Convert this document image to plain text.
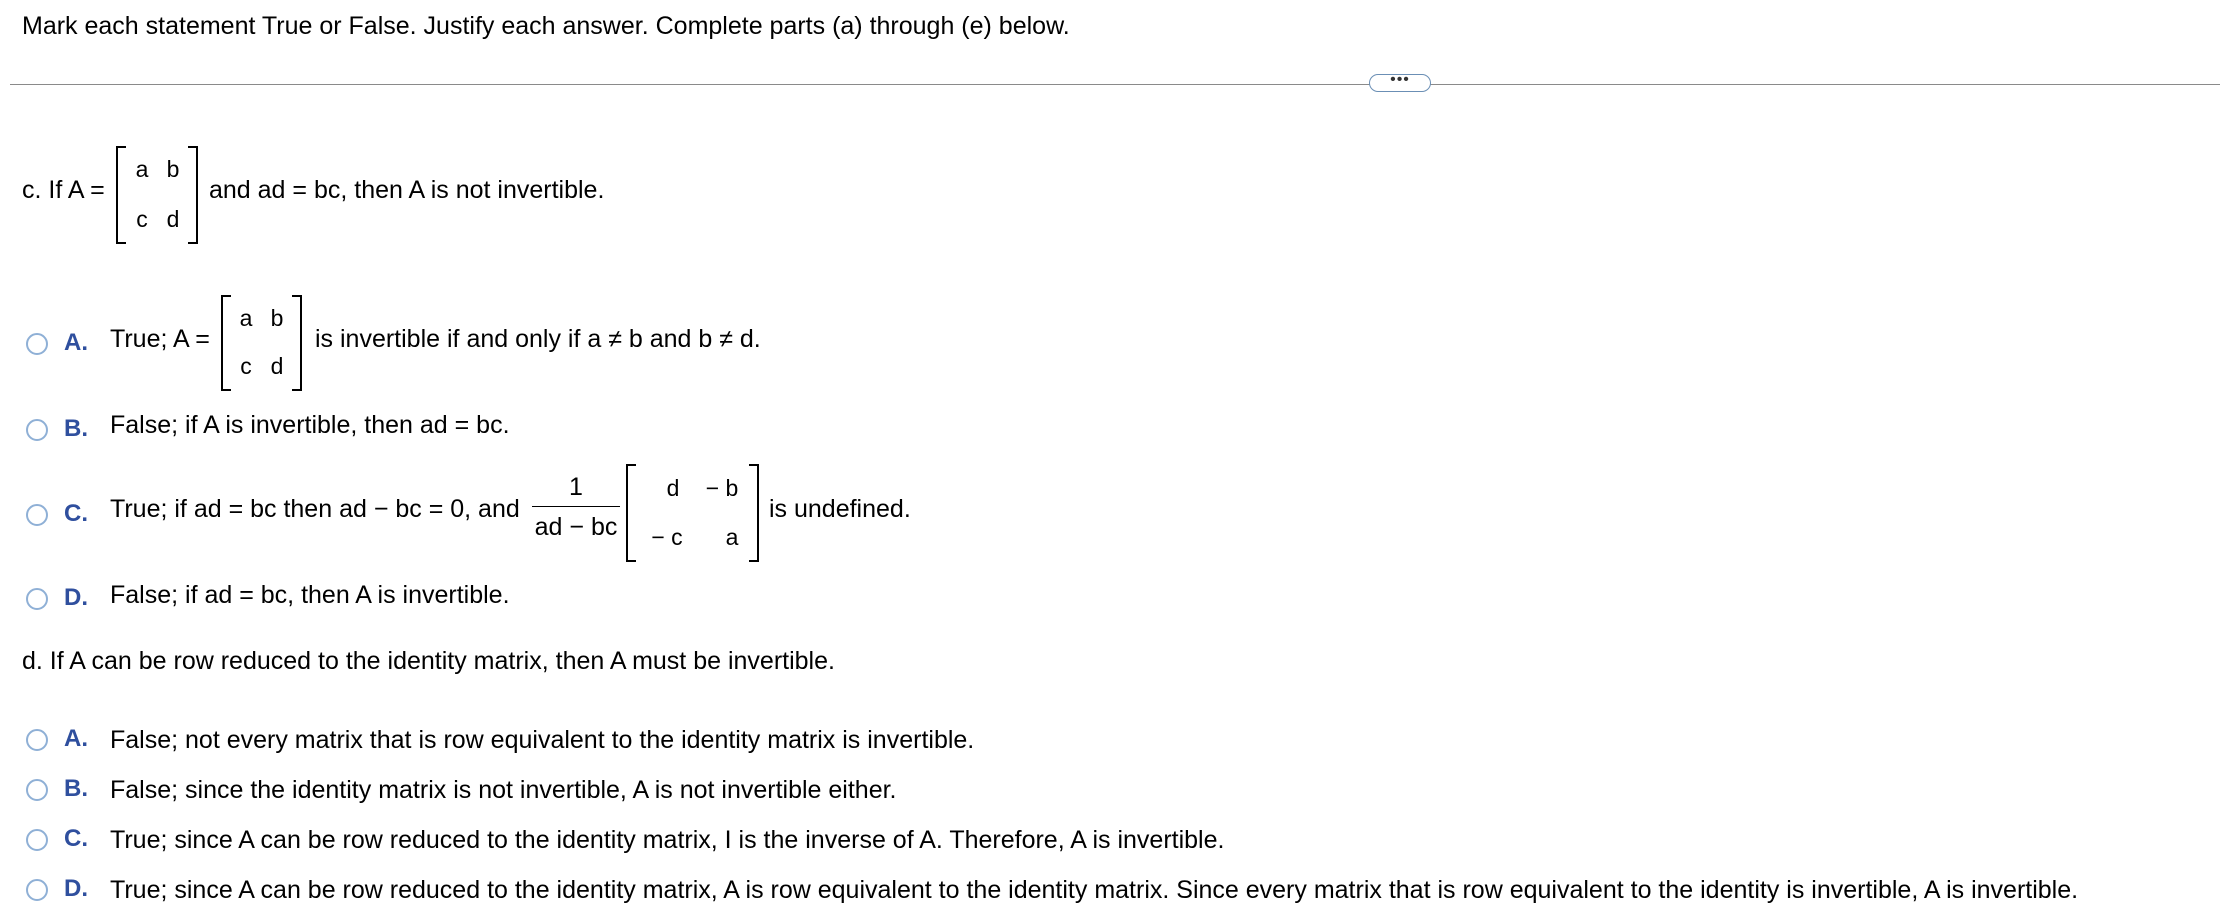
Mark each statement True or False. Justify each answer. Complete parts (a) through (e) below.
•••
c. If A =
a b
c d
and ad = bc, then A is not invertible.
A. True; A =
a b
c d
is invertible if and only if a ≠ b and b ≠ d.
B. False; if A is invertible, then ad = bc.
C. True; if ad = bc then ad − bc = 0, and
1
ad − bc
d	− b
− c	a
is undefined.
D. False; if ad = bc, then A is invertible.
d. If A can be row reduced to the identity matrix, then A must be invertible.
A. False; not every matrix that is row equivalent to the identity matrix is invertible.
B. False; since the identity matrix is not invertible, A is not invertible either.
C. True; since A can be row reduced to the identity matrix, I is the inverse of A. Therefore, A is invertible.
D. True; since A can be row reduced to the identity matrix, A is row equivalent to the identity matrix. Since every matrix that is row equivalent to the identity is invertible, A is invertible.
